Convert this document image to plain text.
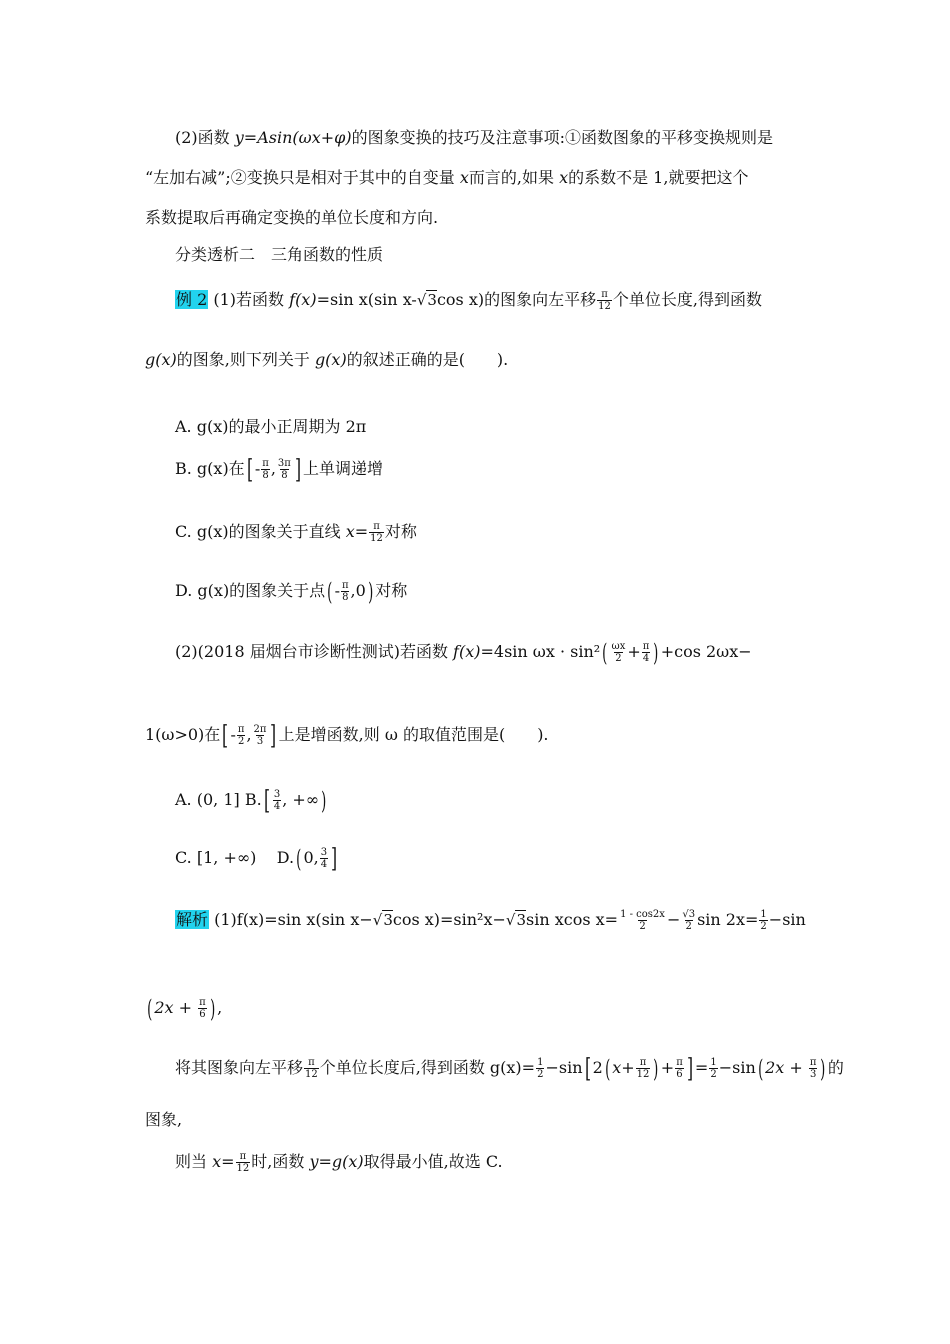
(2)函数 y=Asin(ωx+φ)的图象变换的技巧及注意事项:①函数图象的平移变换规则是
“左加右减”;②变换只是相对于其中的自变量 x而言的,如果 x的系数不是 1,就要把这个
系数提取后再确定变换的单位长度和方向.
分类透析二　三角函数的性质
例 2 (1)若函数 f(x)=sin x(sin x-√3cos x)的图象向左平移 $\frac{\pi}{12}$ 个单位长度,得到函数
g(x)的图象,则下列关于 g(x)的叙述正确的是(　　).
A. g(x)的最小正周期为 2π
B. g(x)在[ - $\frac{\pi}{8}$ , $\frac{3\pi}{8}$ ] 上单调递增
C. g(x)的图象关于直线 $x= \frac{\pi}{12}$ 对称
D. g(x)的图象关于点( - $\frac{\pi}{8} ,0$) 对称
(2)(2018 届烟台市诊断性测试)若函数 f(x)=4sin $\omega x \cdot \sin^2( \frac{\omega x}{2} + \frac{\pi}{4}$ ) +cos 2ωx−
1(ω>0)在[ - $\frac{\pi}{2}$ , $\frac{2\pi}{3}$ ] 上是增函数,则 ω 的取值范围是(　　).
A. (0, 1] $B.[ \frac{3}{4}$ , +∞)
C. [1, +∞) D.( 0, $\frac{3}{4}$ ]
解析 (1)f(x)=sin x(sin x−√3cos x)=sin²x−√3sin xcos $x= \frac{1 - \cos 2x}{2} - \frac{√3}{2}$ $\sin 2x= \frac{1}{2} -\sin$
( $2x + \frac{\pi}{6}$ ) ,
将其图象向左平移 $\frac{\pi}{12}$ 个单位长度后,得到函数 $g(x)= \frac{1}{2} -\sin$[ 2( $x+ \frac{\pi}{12}$ ) + $\frac{\pi}{6}$ ] = $\frac{1}{2} -\sin$( $2x + \frac{\pi}{3}$ ) 的
图象,
则当 $x= \frac{\pi}{12}$ 时,函数 y=g(x)取得最小值,故选 C.
